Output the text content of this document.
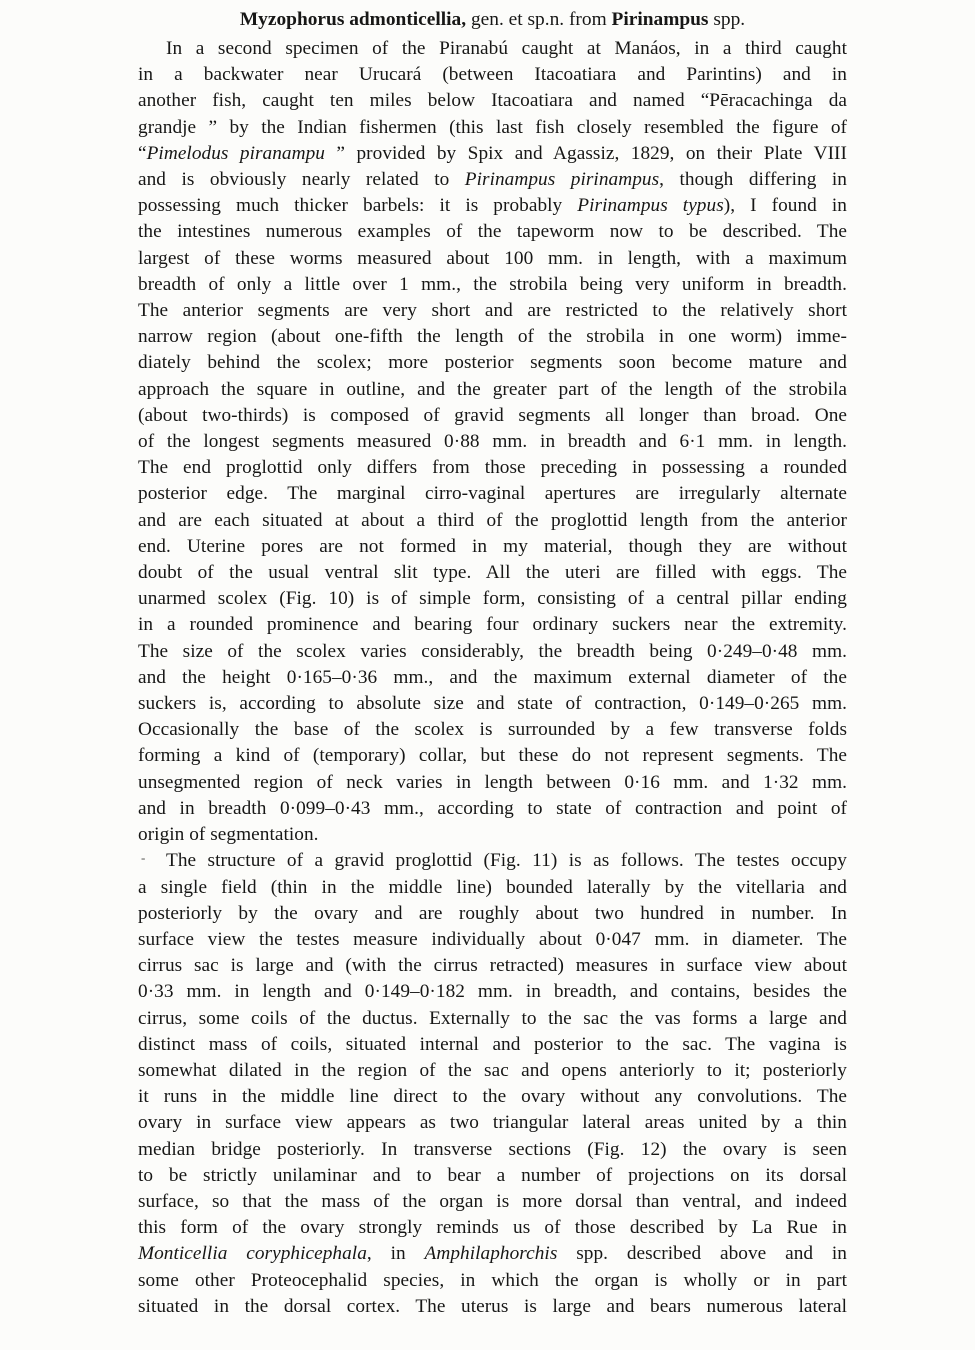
Myzophorus admonticellia, gen. et sp.n. from Pirinampus spp.
In a second specimen of the Piranabú caught at Manáos, in a third caught
in a backwater near Urucará (between Itacoatiara and Parintins) and in
another fish, caught ten miles below Itacoatiara and named “Pēracachinga da
grandje ” by the Indian fishermen (this last fish closely resembled the figure of
“Pimelodus piranampu ” provided by Spix and Agassiz, 1829, on their Plate VIII
and is obviously nearly related to Pirinampus pirinampus, though differing in
possessing much thicker barbels: it is probably Pirinampus typus), I found in
the intestines numerous examples of the tapeworm now to be described. The
largest of these worms measured about 100 mm. in length, with a maximum
breadth of only a little over 1 mm., the strobila being very uniform in breadth.
The anterior segments are very short and are restricted to the relatively short
narrow region (about one-fifth the length of the strobila in one worm) imme-
diately behind the scolex; more posterior segments soon become mature and
approach the square in outline, and the greater part of the length of the strobila
(about two-thirds) is composed of gravid segments all longer than broad. One
of the longest segments measured 0·88 mm. in breadth and 6·1 mm. in length.
The end proglottid only differs from those preceding in possessing a rounded
posterior edge. The marginal cirro-vaginal apertures are irregularly alternate
and are each situated at about a third of the proglottid length from the anterior
end. Uterine pores are not formed in my material, though they are without
doubt of the usual ventral slit type. All the uteri are filled with eggs. The
unarmed scolex (Fig. 10) is of simple form, consisting of a central pillar ending
in a rounded prominence and bearing four ordinary suckers near the extremity.
The size of the scolex varies considerably, the breadth being 0·249–0·48 mm.
and the height 0·165–0·36 mm., and the maximum external diameter of the
suckers is, according to absolute size and state of contraction, 0·149–0·265 mm.
Occasionally the base of the scolex is surrounded by a few transverse folds
forming a kind of (temporary) collar, but these do not represent segments. The
unsegmented region of neck varies in length between 0·16 mm. and 1·32 mm.
and in breadth 0·099–0·43 mm., according to state of contraction and point of
origin of segmentation.
The structure of a gravid proglottid (Fig. 11) is as follows. The testes occupy
a single field (thin in the middle line) bounded laterally by the vitellaria and
posteriorly by the ovary and are roughly about two hundred in number. In
surface view the testes measure individually about 0·047 mm. in diameter. The
cirrus sac is large and (with the cirrus retracted) measures in surface view about
0·33 mm. in length and 0·149–0·182 mm. in breadth, and contains, besides the
cirrus, some coils of the ductus. Externally to the sac the vas forms a large and
distinct mass of coils, situated internal and posterior to the sac. The vagina is
somewhat dilated in the region of the sac and opens anteriorly to it; posteriorly
it runs in the middle line direct to the ovary without any convolutions. The
ovary in surface view appears as two triangular lateral areas united by a thin
median bridge posteriorly. In transverse sections (Fig. 12) the ovary is seen
to be strictly unilaminar and to bear a number of projections on its dorsal
surface, so that the mass of the organ is more dorsal than ventral, and indeed
this form of the ovary strongly reminds us of those described by La Rue in
Monticellia coryphicephala, in Amphilaphorchis spp. described above and in
some other Proteocephalid species, in which the organ is wholly or in part
situated in the dorsal cortex. The uterus is large and bears numerous lateral
-
